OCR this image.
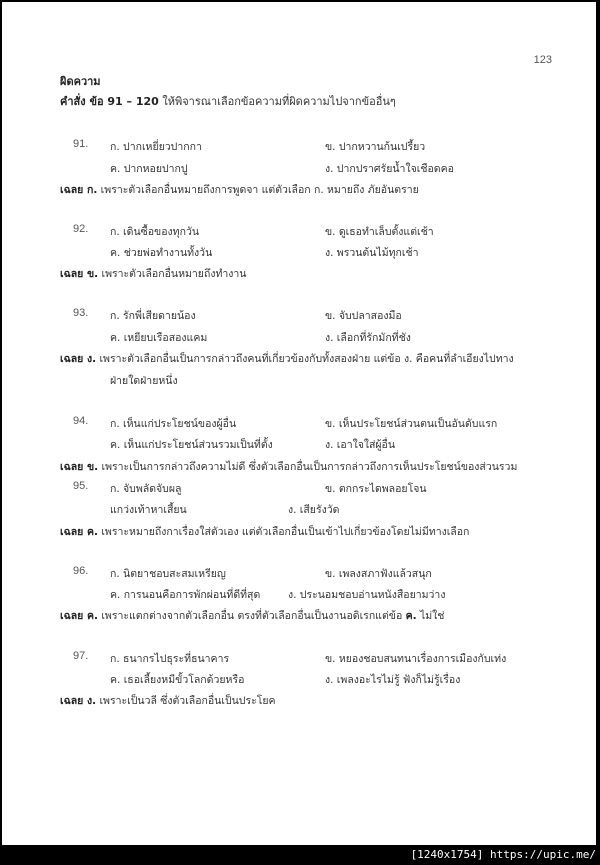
123
ผิดความ
คำสั่ง ข้อ 91 – 120 ให้พิจารณาเลือกข้อความที่ผิดความไปจากข้ออื่นๆ
91. ก. ปากเหยี่ยวปากกา	ข. ปากหวานก้นเปรี้ยว
ค. ปากหอยปากปู	ง. ปากปราศรัยน้ำใจเชือดคอ
เฉลย ก. เพราะตัวเลือกอื่นหมายถึงการพูดจา แต่ตัวเลือก ก. หมายถึง ภัยอันตราย
92. ก. เดินซื้อของทุกวัน	ข. ดูเธอทำเล็บตั้งแต่เช้า
ค. ช่วยพ่อทำงานทั้งวัน	ง. พรวนต้นไม้ทุกเช้า
เฉลย ข. เพราะตัวเลือกอื่นหมายถึงทำงาน
93. ก. รักพี่เสียดายน้อง	ข. จับปลาสองมือ
ค. เหยียบเรือสองแคม	ง. เลือกที่รักมักที่ชัง
เฉลย ง. เพราะตัวเลือกอื่นเป็นการกล่าวถึงคนที่เกี่ยวข้องกับทั้งสองฝ่าย แต่ข้อ ง. คือคนที่ลำเอียงไปทาง
ฝ่ายใดฝ่ายหนึ่ง
94. ก. เห็นแก่ประโยชน์ของผู้อื่น	ข. เห็นประโยชน์ส่วนตนเป็นอันดับแรก
ค. เห็นแก่ประโยชน์ส่วนรวมเป็นที่ตั้ง	ง. เอาใจใส่ผู้อื่น
เฉลย ข. เพราะเป็นการกล่าวถึงความไม่ดี ซึ่งตัวเลือกอื่นเป็นการกล่าวถึงการเห็นประโยชน์ของส่วนรวม
95. ก. จับพลัดจับผลู	ข. ตกกระไดพลอยโจน
แกว่งเท้าหาเสี้ยน	ง. เสียรังวัด
เฉลย ค. เพราะหมายถึงกาเรื่องใส่ตัวเอง แต่ตัวเลือกอื่นเป็นเข้าไปเกี่ยวข้องโดยไม่มีทางเลือก
96. ก. นิตยาชอบสะสมเหรียญ	ข. เพลงสภาฟังแล้วสนุก
ค. การนอนคือการพักผ่อนที่ดีที่สุด	ง. ประนอมชอบอ่านหนังสือยามว่าง
เฉลย ค. เพราะแตกต่างจากตัวเลือกอื่น ตรงที่ตัวเลือกอื่นเป็นงานอดิเรกแต่ข้อ ค. ไม่ใช่
97. ก. ธนากรไปธุระที่ธนาคาร	ข. หยองชอบสนทนาเรื่องการเมืองกับเท่ง
ค. เธอเลี้ยงหมีขั้วโลกด้วยหรือ	ง. เพลงอะไรไม่รู้ ฟังก็ไม่รู้เรื่อง
เฉลย ง. เพราะเป็นวลี ซึ่งตัวเลือกอื่นเป็นประโยค
[1240x1754] https://upic.me/
